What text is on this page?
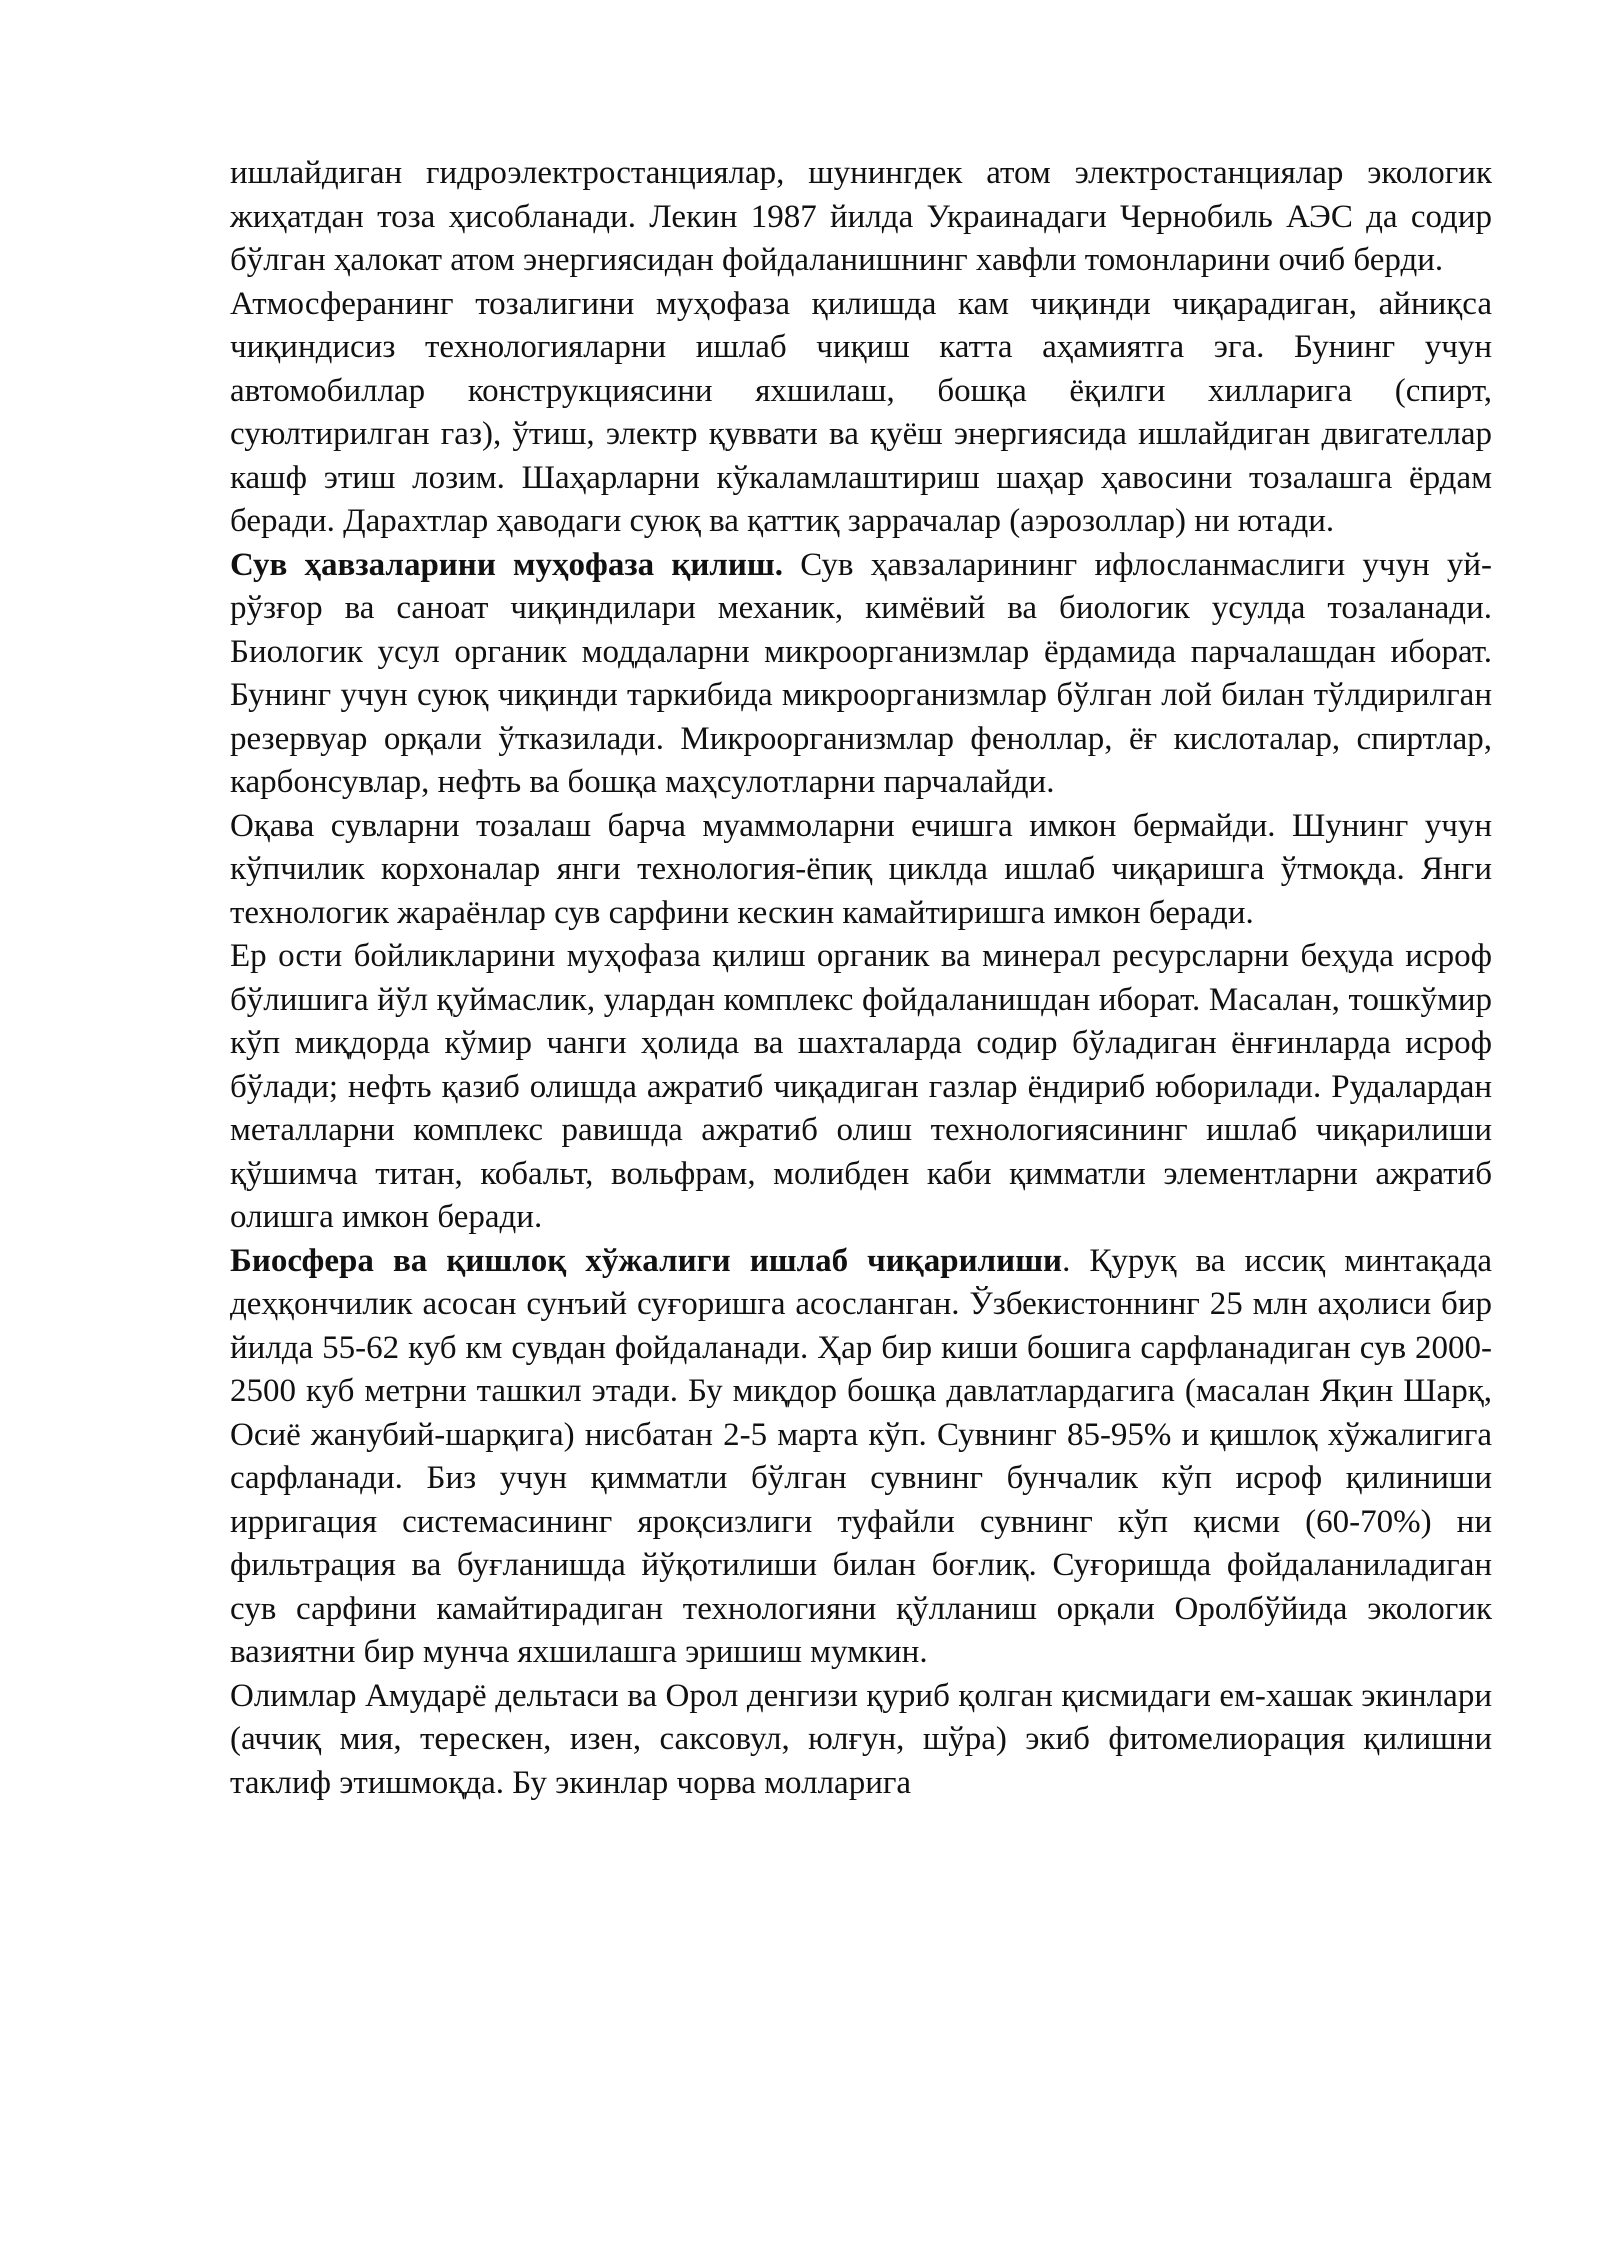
ишлайдиган гидроэлектростанциялар, шунингдек атом электростанциялар экологик жиҳатдан тоза ҳисобланади. Лекин 1987 йилда Украинадаги Чернобиль АЭС да содир бўлган ҳалокат атом энергиясидан фойдаланишнинг хавфли томонларини очиб берди.

Атмосферанинг тозалигини муҳофаза қилишда кам чиқинди чиқарадиган, айниқса чиқиндисиз технологияларни ишлаб чиқиш катта аҳамиятга эга. Бунинг учун автомобиллар конструкциясини яхшилаш, бошқа ёқилги хилларига (спирт, суюлтирилган газ), ўтиш, электр қуввати ва қуёш энергиясида ишлайдиган двигателлар кашф этиш лозим. Шаҳарларни кўкаламлаштириш шаҳар ҳавосини тозалашга ёрдам беради. Дарахтлар ҳаводаги суюқ ва қаттиқ заррачалар (аэрозоллар) ни ютади.

Сув ҳавзаларини муҳофаза қилиш. Сув ҳавзаларининг ифлосланмаслиги учун уй-рўзғор ва саноат чиқиндилари механик, кимёвий ва биологик усулда тозаланади. Биологик усул органик моддаларни микроорганизмлар ёрдамида парчалашдан иборат. Бунинг учун суюқ чиқинди таркибида микроорганизмлар бўлган лой билан тўлдирилган резервуар орқали ўтказилади. Микроорганизмлар феноллар, ёғ кислоталар, спиртлар, карбонсувлар, нефть ва бошқа маҳсулотларни парчалайди.

Оқава сувларни тозалаш барча муаммоларни ечишга имкон бермайди. Шунинг учун кўпчилик корхоналар янги технология-ёпиқ циклда ишлаб чиқаришга ўтмоқда. Янги технологик жараёнлар сув сарфини кескин камайтиришга имкон беради.

Ер ости бойликларини муҳофаза қилиш органик ва минерал ресурсларни беҳуда исроф бўлишига йўл қуймаслик, улардан комплекс фойдаланишдан иборат. Масалан, тошкўмир кўп миқдорда кўмир чанги ҳолида ва шахталарда содир бўладиган ёнғинларда исроф бўлади; нефть қазиб олишда ажратиб чиқадиган газлар ёндириб юборилади. Рудалардан металларни комплекс равишда ажратиб олиш технологиясининг ишлаб чиқарилиши қўшимча титан, кобальт, вольфрам, молибден каби қимматли элементларни ажратиб олишга имкон беради.

Биосфера ва қишлоқ хўжалиги ишлаб чиқарилиши. Қуруқ ва иссиқ минтақада деҳқончилик асосан сунъий суғоришга асосланган. Ўзбекистоннинг 25 млн аҳолиси бир йилда 55-62 куб км сувдан фойдаланади. Ҳар бир киши бошига сарфланадиган сув 2000-2500 куб метрни ташкил этади. Бу миқдор бошқа давлатлардагига (масалан Яқин Шарқ, Осиё жанубий-шарқига) нисбатан 2-5 марта кўп. Сувнинг 85-95% и қишлоқ хўжалигига сарфланади. Биз учун қимматли бўлган сувнинг бунчалик кўп исроф қилиниши ирригация системасининг яроқсизлиги туфайли сувнинг кўп қисми (60-70%) ни фильтрация ва буғланишда йўқотилиши билан боғлиқ. Суғоришда фойдаланиладиган сув сарфини камайтирадиган технологияни қўлланиш орқали Оролбўйида экологик вазиятни бир мунча яхшилашга эришиш мумкин.

Олимлар Амударё дельтаси ва Орол денгизи қуриб қолган қисмидаги ем-хашак экинлари (аччиқ мия, терескен, изен, саксовул, юлғун, шўра) экиб фитомелиорация қилишни таклиф этишмоқда. Бу экинлар чорва молларига
